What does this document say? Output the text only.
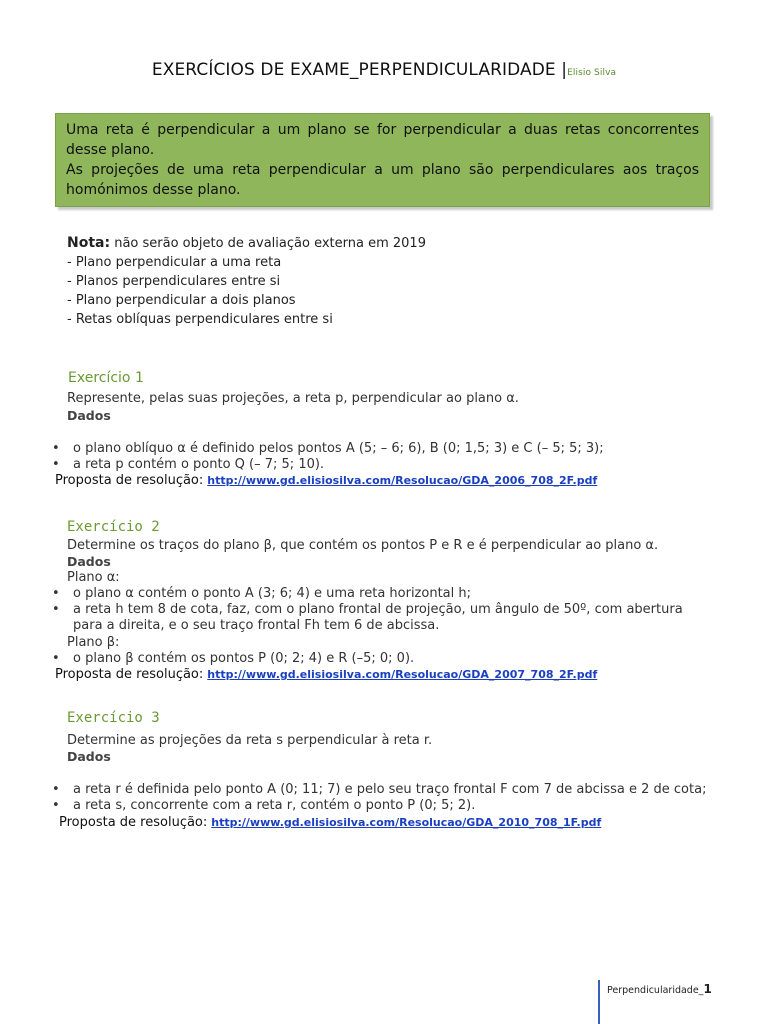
EXERCÍCIOS DE EXAME_PERPENDICULARIDADE |Elisio Silva

Uma reta é perpendicular a um plano se for perpendicular a duas retas concorrentes desse plano.

As projeções de uma reta perpendicular a um plano são perpendiculares aos traços homónimos desse plano.

Nota: não serão objeto de avaliação externa em 2019
- Plano perpendicular a uma reta
- Planos perpendiculares entre si
- Plano perpendicular a dois planos
- Retas oblíquas perpendiculares entre si
Exercício 1
Represente, pelas suas projeções, a reta p, perpendicular ao plano α.
Dados
• o plano oblíquo α é definido pelos pontos A (5; – 6; 6), B (0; 1,5; 3) e C (– 5; 5; 3);
• a reta p contém o ponto Q (– 7; 5; 10).
Proposta de resolução: http://www.gd.elisiosilva.com/Resolucao/GDA_2006_708_2F.pdf
Exercício 2
Determine os traços do plano β, que contém os pontos P e R e é perpendicular ao plano α.
Dados
Plano α:
• o plano α contém o ponto A (3; 6; 4) e uma reta horizontal h;
• a reta h tem 8 de cota, faz, com o plano frontal de projeção, um ângulo de 50º, com abertura para a direita, e o seu traço frontal Fh tem 6 de abcissa.
Plano β:
• o plano β contém os pontos P (0; 2; 4) e R (–5; 0; 0).
Proposta de resolução: http://www.gd.elisiosilva.com/Resolucao/GDA_2007_708_2F.pdf
Exercício 3
Determine as projeções da reta s perpendicular à reta r.
Dados
• a reta r é definida pelo ponto A (0; 11; 7) e pelo seu traço frontal F com 7 de abcissa e 2 de cota;
• a reta s, concorrente com a reta r, contém o ponto P (0; 5; 2).
Proposta de resolução: http://www.gd.elisiosilva.com/Resolucao/GDA_2010_708_1F.pdf
Perpendicularidade_1
